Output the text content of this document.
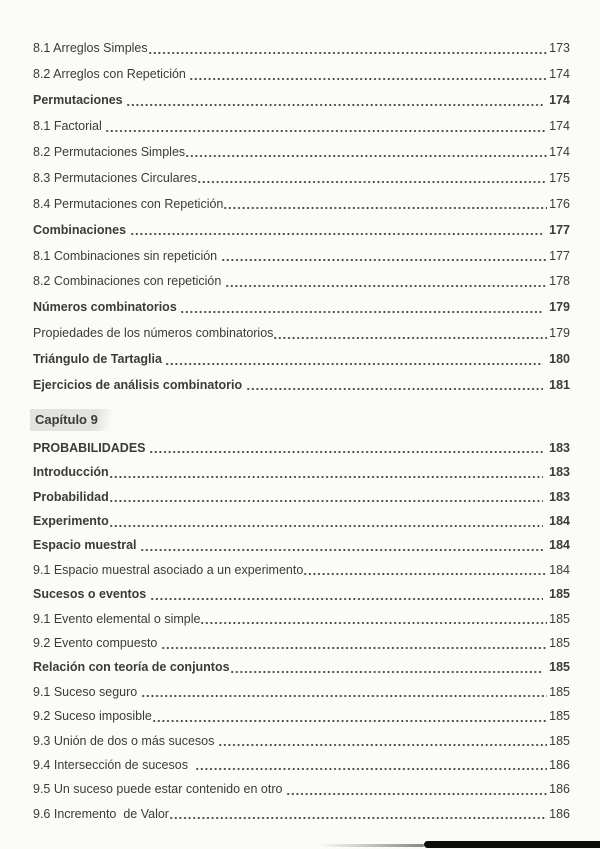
8.1 Arreglos Simples	173
8.2 Arreglos con Repetición	174
Permutaciones	174
8.1 Factorial	174
8.2 Permutaciones Simples	174
8.3 Permutaciones Circulares	175
8.4 Permutaciones con Repetición	176
Combinaciones	177
8.1 Combinaciones sin repetición	177
8.2 Combinaciones con repetición	178
Números combinatorios	179
Propiedades de los números combinatorios	179
Triángulo de Tartaglia	180
Ejercicios de análisis combinatorio	181
Capítulo 9
PROBABILIDADES	183
Introducción	183
Probabilidad	183
Experimento	184
Espacio muestral	184
9.1 Espacio muestral asociado a un experimento	184
Sucesos o eventos	185
9.1 Evento elemental o simple	185
9.2 Evento compuesto	185
Relación con teoría de conjuntos	185
9.1 Suceso seguro	185
9.2 Suceso imposible	185
9.3 Unión de dos o más sucesos	185
9.4 Intersección de sucesos	186
9.5 Un suceso puede estar contenido en otro	186
9.6 Incremento  de Valor	186
